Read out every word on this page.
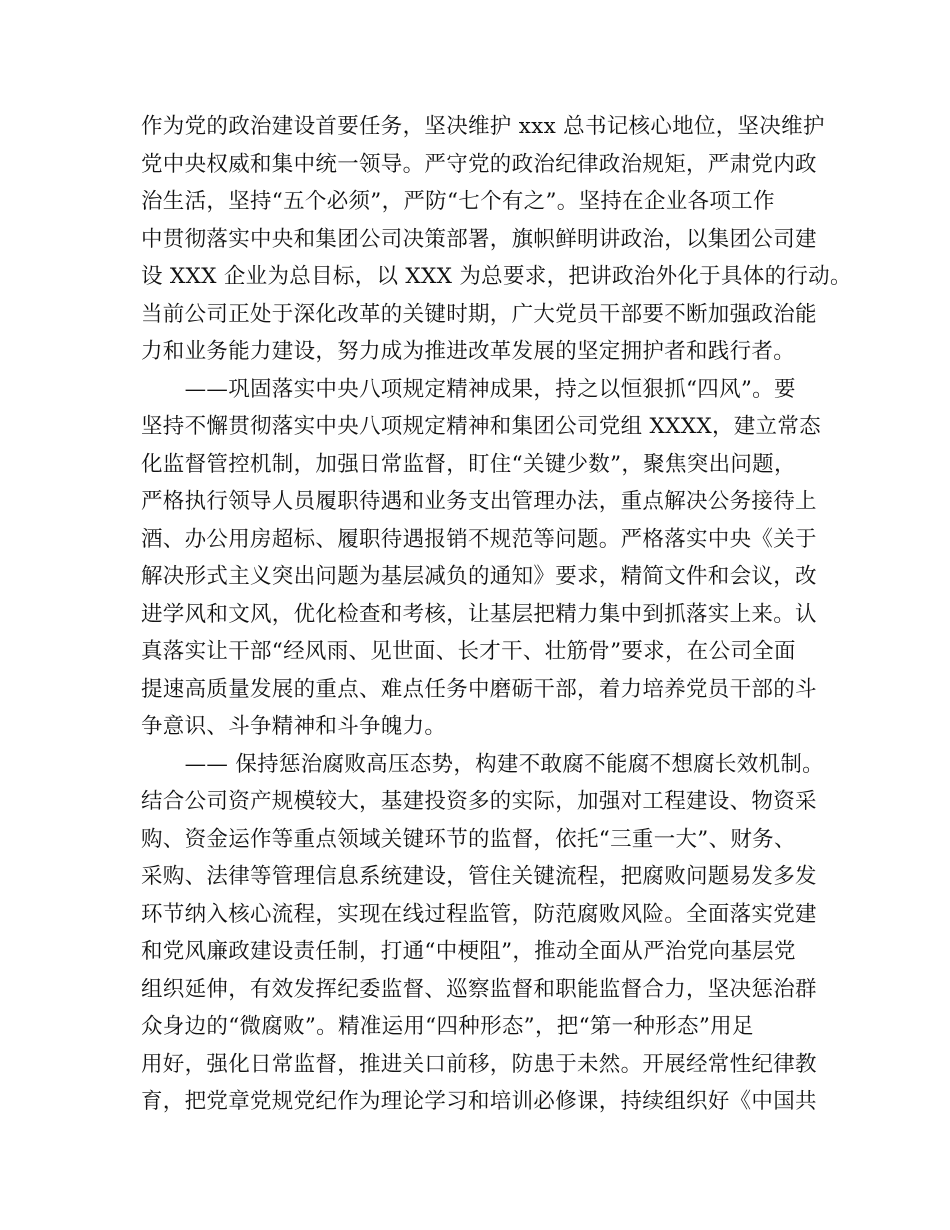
作为党的政治建设首要任务，坚决维护 xxx 总书记核心地位，坚决维护
党中央权威和集中统一领导。严守党的政治纪律政治规矩，严肃党内政
治生活，坚持“五个必须”，严防“七个有之”。坚持在企业各项工作
中贯彻落实中央和集团公司决策部署，旗帜鲜明讲政治，以集团公司建
设 XXX 企业为总目标，以 XXX 为总要求，把讲政治外化于具体的行动。
当前公司正处于深化改革的关键时期，广大党员干部要不断加强政治能
力和业务能力建设，努力成为推进改革发展的坚定拥护者和践行者。
　　——巩固落实中央八项规定精神成果，持之以恒狠抓“四风”。要
坚持不懈贯彻落实中央八项规定精神和集团公司党组 XXXX，建立常态
化监督管控机制，加强日常监督，盯住“关键少数”，聚焦突出问题，
严格执行领导人员履职待遇和业务支出管理办法，重点解决公务接待上
酒、办公用房超标、履职待遇报销不规范等问题。严格落实中央《关于
解决形式主义突出问题为基层减负的通知》要求，精简文件和会议，改
进学风和文风，优化检查和考核，让基层把精力集中到抓落实上来。认
真落实让干部“经风雨、见世面、长才干、壮筋骨”要求，在公司全面
提速高质量发展的重点、难点任务中磨砺干部，着力培养党员干部的斗
争意识、斗争精神和斗争魄力。
　　—— 保持惩治腐败高压态势，构建不敢腐不能腐不想腐长效机制。
结合公司资产规模较大，基建投资多的实际，加强对工程建设、物资采
购、资金运作等重点领域关键环节的监督，依托“三重一大”、财务、
采购、法律等管理信息系统建设，管住关键流程，把腐败问题易发多发
环节纳入核心流程，实现在线过程监管，防范腐败风险。全面落实党建
和党风廉政建设责任制，打通“中梗阻”，推动全面从严治党向基层党
组织延伸，有效发挥纪委监督、巡察监督和职能监督合力，坚决惩治群
众身边的“微腐败”。精准运用“四种形态”，把“第一种形态”用足
用好，强化日常监督，推进关口前移，防患于未然。开展经常性纪律教
育，把党章党规党纪作为理论学习和培训必修课，持续组织好《中国共
